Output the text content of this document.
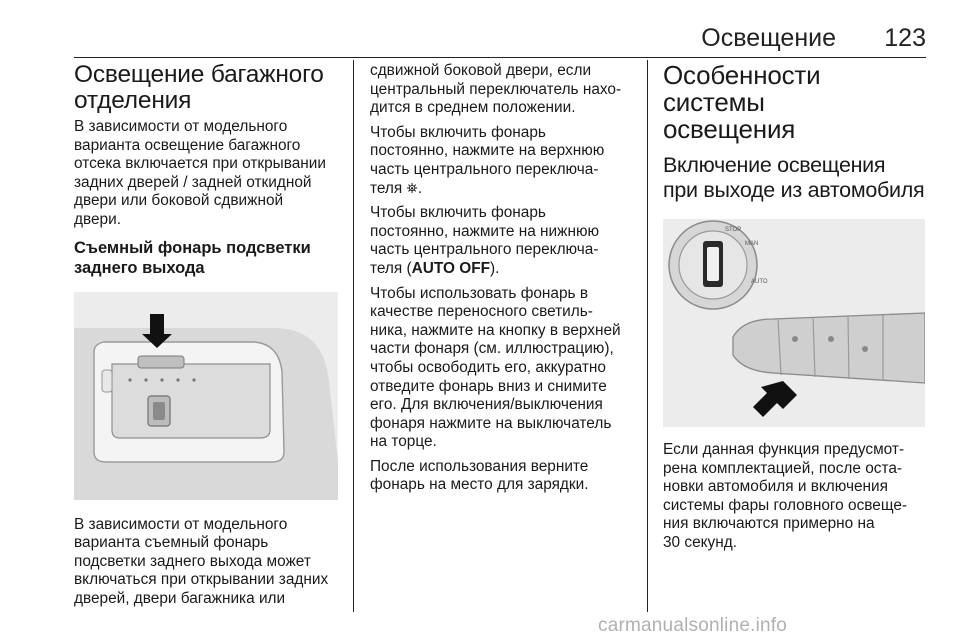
Освещение 123
Освещение багажного
отделения
В зависимости от модельного
варианта освещение багажного
отсека включается при открывании
задних дверей / задней откидной
двери или боковой сдвижной
двери.
Съемный фонарь подсветки
заднего выхода
В зависимости от модельного
варианта съемный фонарь
подсветки заднего выхода может
включаться при открывании задних
дверей, двери багажника или
сдвижной боковой двери, если
центральный переключатель нахо-
дится в среднем положении.
Чтобы включить фонарь
постоянно, нажмите на верхнюю
часть центрального переключа-
теля ⛯.
Чтобы включить фонарь
постоянно, нажмите на нижнюю
часть центрального переключа-
теля (AUTO OFF).
Чтобы использовать фонарь в
качестве переносного светиль-
ника, нажмите на кнопку в верхней
части фонаря (см. иллюстрацию),
чтобы освободить его, аккуратно
отведите фонарь вниз и снимите
его. Для включения/выключения
фонаря нажмите на выключатель
на торце.
После использования верните
фонарь на место для зарядки.
Особенности системы
освещения
Включение освещения
при выходе из автомобиля
STOP
MAN
AUTO
Если данная функция предусмот-
рена комплектацией, после оста-
новки автомобиля и включения
системы фары головного освеще-
ния включаются примерно на
30 секунд.
carmanualsonline.info
